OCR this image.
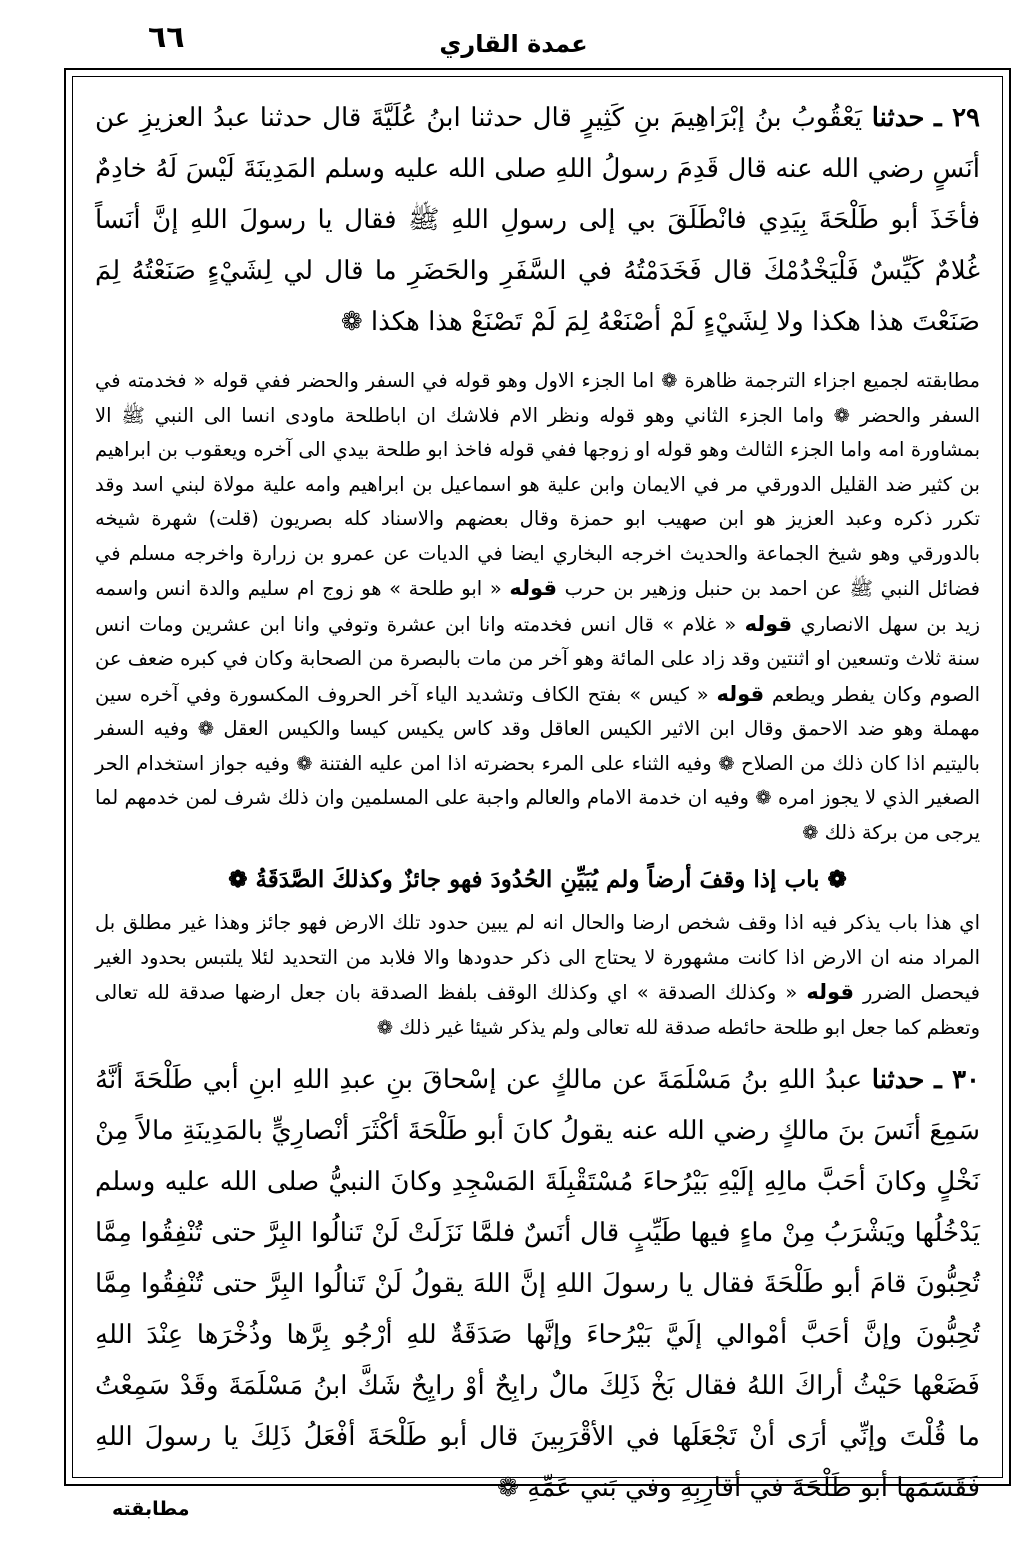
٦٦	عمدة القاري

٢٩ ـ حدثنا يَعْقُوبُ بنُ إبْرَاهِيمَ بنِ كَثِيرٍ قال حدثنا ابنُ عُلَيَّةَ قال حدثنا عبدُ العزيزِ عن أنَسٍ رضي الله عنه قال قَدِمَ رسولُ اللهِ صلى الله عليه وسلم المَدِينَةَ لَيْسَ لَهُ خادِمٌ فأخَذَ أبو طَلْحَةَ بِيَدِي فانْطَلَقَ بي إلى رسولِ اللهِ ﷺ فقال يا رسولَ اللهِ إنَّ أنَساً غُلامٌ كَيِّسٌ فَلْيَخْدُمْكَ قال فَخَدَمْتُهُ في السَّفَرِ والحَضَرِ ما قال لي لِشَيْءٍ صَنَعْتُهُ لِمَ صَنَعْتَ هذا هكذا ولا لِشَيْءٍ لَمْ أصْنَعْهُ لِمَ لَمْ تَصْنَعْ هذا هكذا ❁

مطابقته لجميع اجزاء الترجمة ظاهرة ❁ اما الجزء الاول وهو قوله في السفر والحضر ففي قوله « فخدمته في السفر والحضر ❁ واما الجزء الثاني وهو قوله ونظر الام فلاشك ان اباطلحة ماودى انسا الى النبي ﷺ الا بمشاورة امه واما الجزء الثالث وهو قوله او زوجها ففي قوله فاخذ ابو طلحة بيدي الى آخره ويعقوب بن ابراهيم بن كثير ضد القليل الدورقي مر في الايمان وابن علية هو اسماعيل بن ابراهيم وامه علية مولاة لبني اسد وقد تكرر ذكره وعبد العزيز هو ابن صهيب ابو حمزة وقال بعضهم والاسناد كله بصريون (قلت) شهرة شيخه بالدورقي وهو شيخ الجماعة والحديث اخرجه البخاري ايضا في الديات عن عمرو بن زرارة واخرجه مسلم في فضائل النبي ﷺ عن احمد بن حنبل وزهير بن حرب قوله « ابو طلحة » هو زوج ام سليم والدة انس واسمه زيد بن سهل الانصاري قوله « غلام » قال انس فخدمته وانا ابن عشرة وتوفي وانا ابن عشرين ومات انس سنة ثلاث وتسعين او اثنتين وقد زاد على المائة وهو آخر من مات بالبصرة من الصحابة وكان في كبره ضعف عن الصوم وكان يفطر ويطعم قوله « كيس » بفتح الكاف وتشديد الياء آخر الحروف المكسورة وفي آخره سين مهملة وهو ضد الاحمق وقال ابن الاثير الكيس العاقل وقد كاس يكيس كيسا والكيس العقل ❁ وفيه السفر باليتيم اذا كان ذلك من الصلاح ❁ وفيه الثناء على المرء بحضرته اذا امن عليه الفتنة ❁ وفيه جواز استخدام الحر الصغير الذي لا يجوز امره ❁ وفيه ان خدمة الامام والعالم واجبة على المسلمين وان ذلك شرف لمن خدمهم لما يرجى من بركة ذلك ❁

❁ باب إذا وقفَ أرضاً ولم يُبَيِّنِ الحُدُودَ فهو جائزٌ وكذلكَ الصَّدَقَةُ ❁

اي هذا باب يذكر فيه اذا وقف شخص ارضا والحال انه لم يبين حدود تلك الارض فهو جائز وهذا غير مطلق بل المراد منه ان الارض اذا كانت مشهورة لا يحتاج الى ذكر حدودها والا فلابد من التحديد لئلا يلتبس بحدود الغير فيحصل الضرر قوله « وكذلك الصدقة » اي وكذلك الوقف بلفظ الصدقة بان جعل ارضها صدقة لله تعالى وتعظم كما جعل ابو طلحة حائطه صدقة لله تعالى ولم يذكر شيئا غير ذلك ❁

٣٠ ـ حدثنا عبدُ اللهِ بنُ مَسْلَمَةَ عن مالكٍ عن إسْحاقَ بنِ عبدِ اللهِ ابنِ أبي طَلْحَةَ أنَّهُ سَمِعَ أنَسَ بنَ مالكٍ رضي الله عنه يقولُ كانَ أبو طَلْحَةَ أكْثَرَ أنْصارِيٍّ بالمَدِينَةِ مالاً مِنْ نَخْلٍ وكانَ أحَبَّ مالِهِ إلَيْهِ بَيْرُحاءَ مُسْتَقْبِلَةَ المَسْجِدِ وكانَ النبيُّ صلى الله عليه وسلم يَدْخُلُها ويَشْرَبُ مِنْ ماءٍ فيها طَيِّبٍ قال أنَسٌ فلمَّا نَزَلَتْ لَنْ تَنالُوا البِرَّ حتى تُنْفِقُوا مِمَّا تُحِبُّونَ قامَ أبو طَلْحَةَ فقال يا رسولَ اللهِ إنَّ اللهَ يقولُ لَنْ تَنالُوا البِرَّ حتى تُنْفِقُوا مِمَّا تُحِبُّونَ وإنَّ أحَبَّ أمْوالي إلَيَّ بَيْرُحاءَ وإنَّها صَدَقَةٌ للهِ أرْجُو بِرَّها وذُخْرَها عِنْدَ اللهِ فَضَعْها حَيْثُ أراكَ اللهُ فقال بَخْ ذَلِكَ مالٌ رابِحٌ أوْ رايِحٌ شَكَّ ابنُ مَسْلَمَةَ وقَدْ سَمِعْتُ ما قُلْتَ وإنِّي أرَى أنْ تَجْعَلَها في الأقْرَبِينَ قال أبو طَلْحَةَ أفْعَلُ ذَلِكَ يا رسولَ اللهِ فَقَسَمَها أبو طَلْحَةَ في أقارِبِهِ وفي بَني عَمِّهِ ❁

مطابقته
